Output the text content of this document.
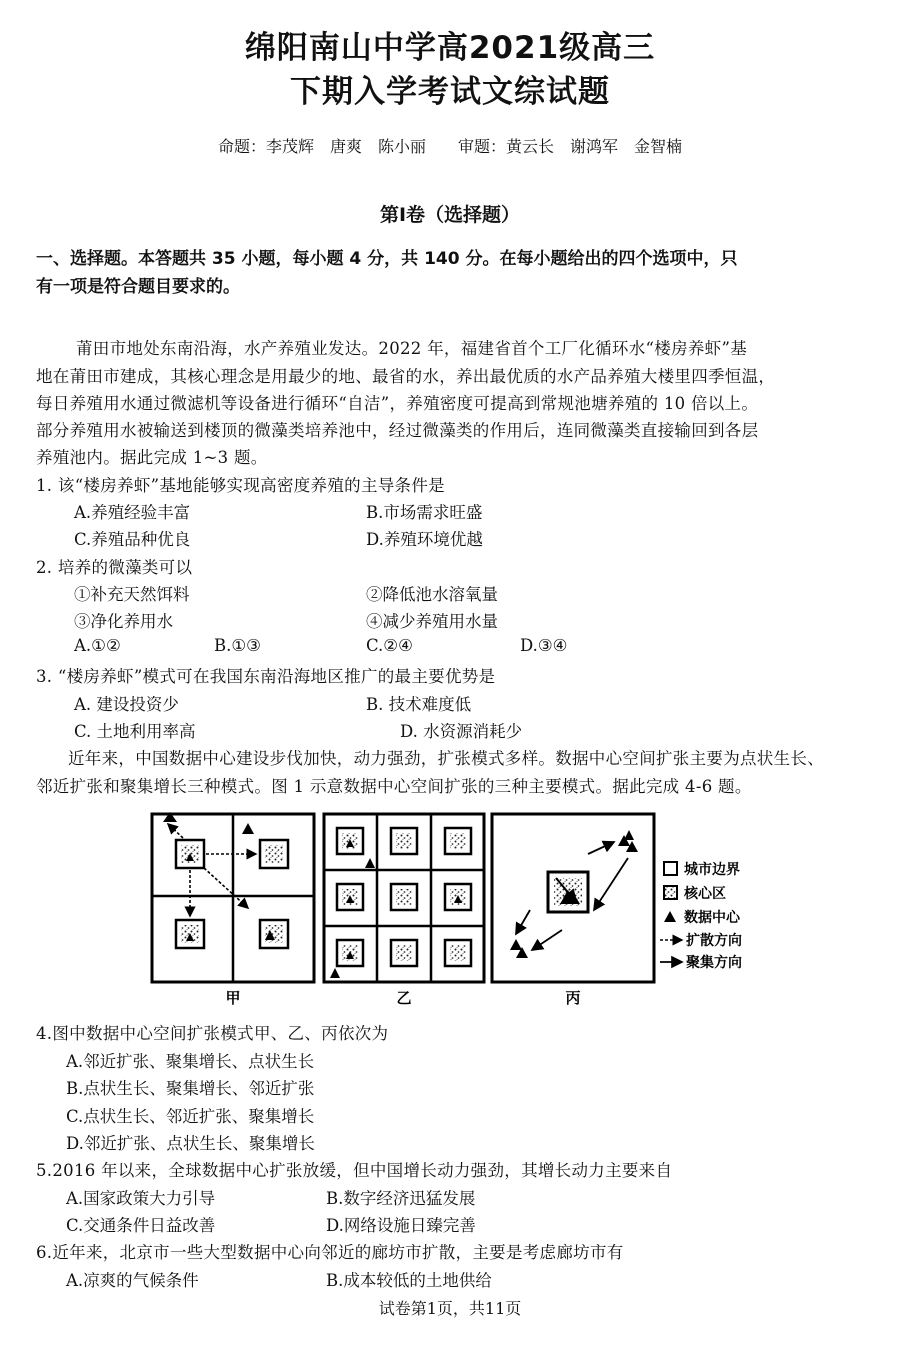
绵阳南山中学高2021级高三
下期入学考试文综试题
命题：李茂辉　唐爽　陈小丽　　审题：黄云长　谢鸿军　金智楠
第Ⅰ卷（选择题）
一、选择题。本答题共 35 小题，每小题 4 分，共 140 分。在每小题给出的四个选项中，只
有一项是符合题目要求的。
莆田市地处东南沿海，水产养殖业发达。2022 年，福建省首个工厂化循环水“楼房养虾”基
地在莆田市建成，其核心理念是用最少的地、最省的水，养出最优质的水产品养殖大楼里四季恒温，
每日养殖用水通过微滤机等设备进行循环“自洁”，养殖密度可提高到常规池塘养殖的 10 倍以上。
部分养殖用水被输送到楼顶的微藻类培养池中，经过微藻类的作用后，连同微藻类直接输回到各层
养殖池内。据此完成 1~3 题。
1. 该“楼房养虾”基地能够实现高密度养殖的主导条件是
A.养殖经验丰富	B.市场需求旺盛
C.养殖品种优良	D.养殖环境优越
2. 培养的微藻类可以
①补充天然饵料	②降低池水溶氧量
③净化养用水	④减少养殖用水量
A.①②	B.①③	C.②④	D.③④
3. “楼房养虾”模式可在我国东南沿海地区推广的最主要优势是
A. 建设投资少	B. 技术难度低
C. 土地利用率高	D. 水资源消耗少
近年来，中国数据中心建设步伐加快，动力强劲，扩张模式多样。数据中心空间扩张主要为点状生长、
邻近扩张和聚集增长三种模式。图 1 示意数据中心空间扩张的三种主要模式。据此完成 4-6 题。
甲	乙	丙
城市边界
核心区
数据中心
扩散方向
聚集方向
4.图中数据中心空间扩张模式甲、乙、丙依次为
A.邻近扩张、聚集增长、点状生长
B.点状生长、聚集增长、邻近扩张
C.点状生长、邻近扩张、聚集增长
D.邻近扩张、点状生长、聚集增长
5.2016 年以来，全球数据中心扩张放缓，但中国增长动力强劲，其增长动力主要来自
A.国家政策大力引导	B.数字经济迅猛发展
C.交通条件日益改善	D.网络设施日臻完善
6.近年来，北京市一些大型数据中心向邻近的廊坊市扩散，主要是考虑廊坊市有
A.凉爽的气候条件	B.成本较低的土地供给
试卷第1页，共11页
